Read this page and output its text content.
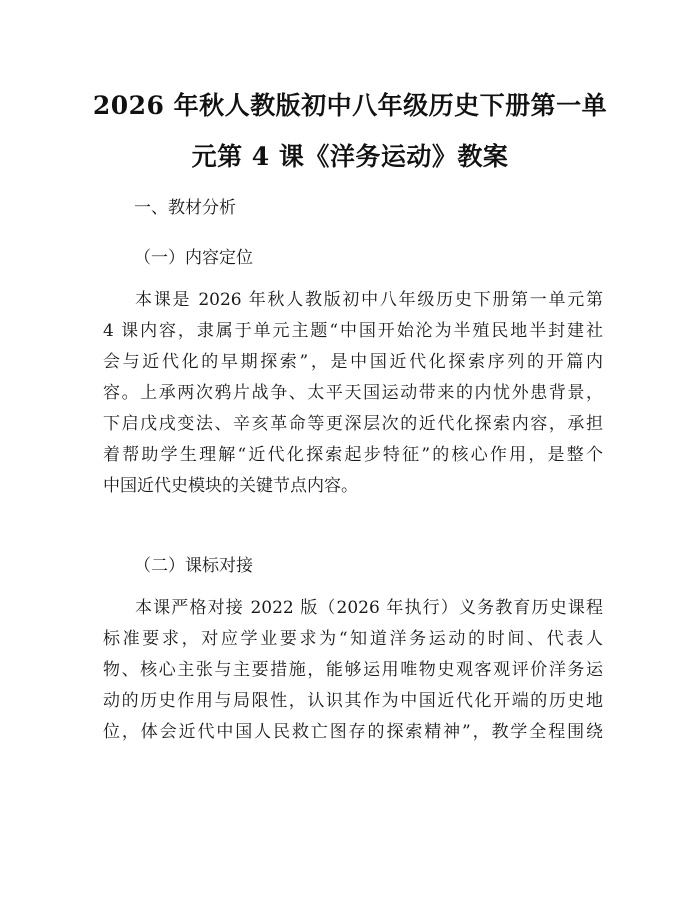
2026 年秋人教版初中八年级历史下册第一单
元第 4 课《洋务运动》教案

一、教材分析

（一）内容定位

本课是 2026 年秋人教版初中八年级历史下册第一单元第
4 课内容，隶属于单元主题“中国开始沦为半殖民地半封建社
会与近代化的早期探索”，是中国近代化探索序列的开篇内
容。上承两次鸦片战争、太平天国运动带来的内忧外患背景，
下启戊戌变法、辛亥革命等更深层次的近代化探索内容，承担
着帮助学生理解“近代化探索起步特征”的核心作用，是整个
中国近代史模块的关键节点内容。

（二）课标对接

本课严格对接 2022 版（2026 年执行）义务教育历史课程
标准要求，对应学业要求为“知道洋务运动的时间、代表人
物、核心主张与主要措施，能够运用唯物史观客观评价洋务运
动的历史作用与局限性，认识其作为中国近代化开端的历史地
位，体会近代中国人民救亡图存的探索精神”，教学全程围绕
